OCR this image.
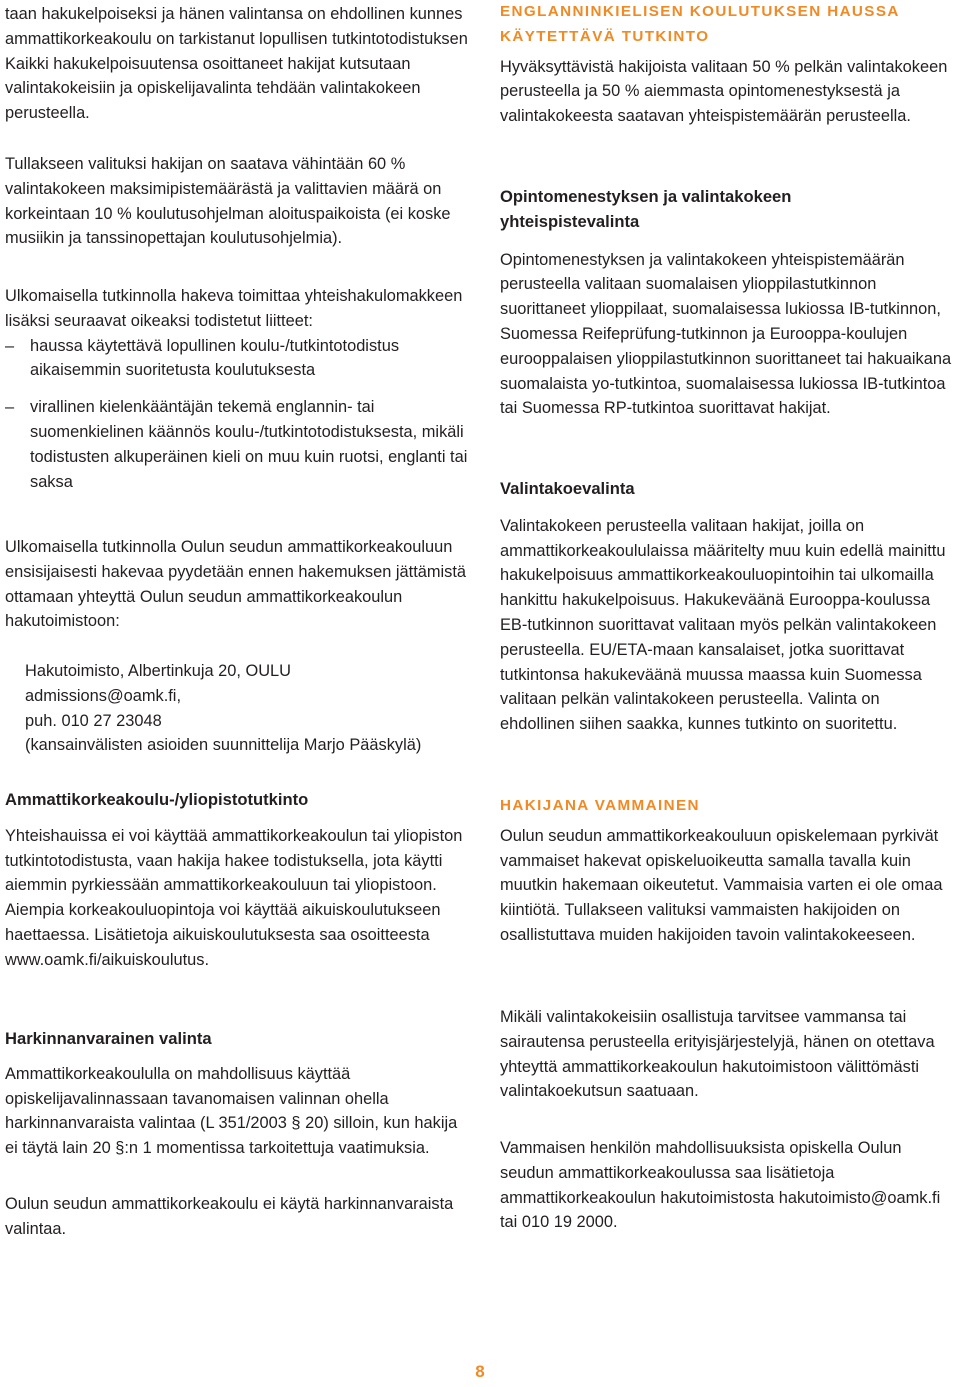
taan hakukelpoiseksi ja hänen valintansa on ehdollinen kunnes ammattikorkeakoulu on tarkistanut lopullisen tutkintotodistuksen Kaikki hakukelpoisuutensa osoittaneet hakijat kutsutaan valintakokeisiin ja opiskelijavalinta tehdään valintakokeen perusteella.

Tullakseen valituksi hakijan on saatava vähintään 60 % valintakokeen maksimipistemäärästä ja valittavien määrä on korkeintaan 10 % koulutusohjelman aloituspaikoista (ei koske musiikin ja tanssinopettajan koulutusohjelmia).

Ulkomaisella tutkinnolla hakeva toimittaa yhteishakulomakkeen lisäksi seuraavat oikeaksi todistetut liitteet:

– haussa käytettävä lopullinen koulu-/tutkintotodistus aikaisemmin suoritetusta koulutuksesta
– virallinen kielenkääntäjän tekemä englannin- tai suomenkielinen käännös koulu-/tutkintotodistuksesta, mikäli todistusten alkuperäinen kieli on muu kuin ruotsi, englanti tai saksa

Ulkomaisella tutkinnolla Oulun seudun ammattikorkeakouluun ensisijaisesti hakevaa pyydetään ennen hakemuksen jättämistä ottamaan yhteyttä Oulun seudun ammattikorkeakoulun hakutoimistoon:

Hakutoimisto, Albertinkuja 20, OULU

admissions@oamk.fi,

puh. 010 27 23048

(kansainvälisten asioiden suunnittelija Marjo Pääskylä)

Ammattikorkeakoulu-/yliopistotutkinto

Yhteishauissa ei voi käyttää ammattikorkeakoulun tai yliopiston tutkintotodistusta, vaan hakija hakee todistuksella, jota käytti aiemmin pyrkiessään ammattikorkeakouluun tai yliopistoon. Aiempia korkeakouluopintoja voi käyttää aikuiskoulutukseen haettaessa. Lisätietoja aikuiskoulutuksesta saa osoitteesta www.oamk.fi/aikuiskoulutus.

Harkinnanvarainen valinta

Ammattikorkeakoululla on mahdollisuus käyttää opiskelijavalinnassaan tavanomaisen valinnan ohella harkinnanvaraista valintaa (L 351/2003 § 20) silloin, kun hakija ei täytä lain 20 §:n 1 momentissa tarkoitettuja vaatimuksia.

Oulun seudun ammattikorkeakoulu ei käytä harkinnanvaraista valintaa.

ENGLANNINKIELISEN KOULUTUKSEN HAUSSA
KÄYTETTÄVÄ TUTKINTO

Hyväksyttävistä hakijoista valitaan 50 % pelkän valintakokeen perusteella ja 50 % aiemmasta opintomenestyksestä ja valintakokeesta saatavan yhteispistemäärän perusteella.

Opintomenestyksen ja valintakokeen
yhteispistevalinta

Opintomenestyksen ja valintakokeen yhteispistemäärän perusteella valitaan suomalaisen ylioppilastutkinnon suorittaneet ylioppilaat, suomalaisessa lukiossa IB-tutkinnon, Suomessa Reifeprüfung-tutkinnon ja Eurooppa-koulujen eurooppalaisen ylioppilastutkinnon suorittaneet tai hakuaikana suomalaista yo-tutkintoa, suomalaisessa lukiossa IB-tutkintoa tai Suomessa RP-tutkintoa suorittavat hakijat.

Valintakoevalinta

Valintakokeen perusteella valitaan hakijat, joilla on ammattikorkeakoululaissa määritelty muu kuin edellä mainittu hakukelpoisuus ammattikorkeakouluopintoihin tai ulkomailla hankittu hakukelpoisuus. Hakukeväänä Eurooppa-koulussa EB-tutkinnon suorittavat valitaan myös pelkän valintakokeen perusteella. EU/ETA-maan kansalaiset, jotka suorittavat tutkintonsa hakukeväänä muussa maassa kuin Suomessa valitaan pelkän valintakokeen perusteella. Valinta on ehdollinen siihen saakka, kunnes tutkinto on suoritettu.

HAKIJANA VAMMAINEN

Oulun seudun ammattikorkeakouluun opiskelemaan pyrkivät vammaiset hakevat opiskeluoikeutta samalla tavalla kuin muutkin hakemaan oikeutetut. Vammaisia varten ei ole omaa kiintiötä. Tullakseen valituksi vammaisten hakijoiden on osallistuttava muiden hakijoiden tavoin valintakokeeseen.

Mikäli valintakokeisiin osallistuja tarvitsee vammansa tai sairautensa perusteella erityisjärjestelyjä, hänen on otettava yhteyttä ammattikorkeakoulun hakutoimistoon välittömästi valintakoekutsun saatuaan.

Vammaisen henkilön mahdollisuuksista opiskella Oulun seudun ammattikorkeakoulussa saa lisätietoja ammattikorkeakoulun hakutoimistosta hakutoimisto@oamk.fi tai 010 19 2000.

8
